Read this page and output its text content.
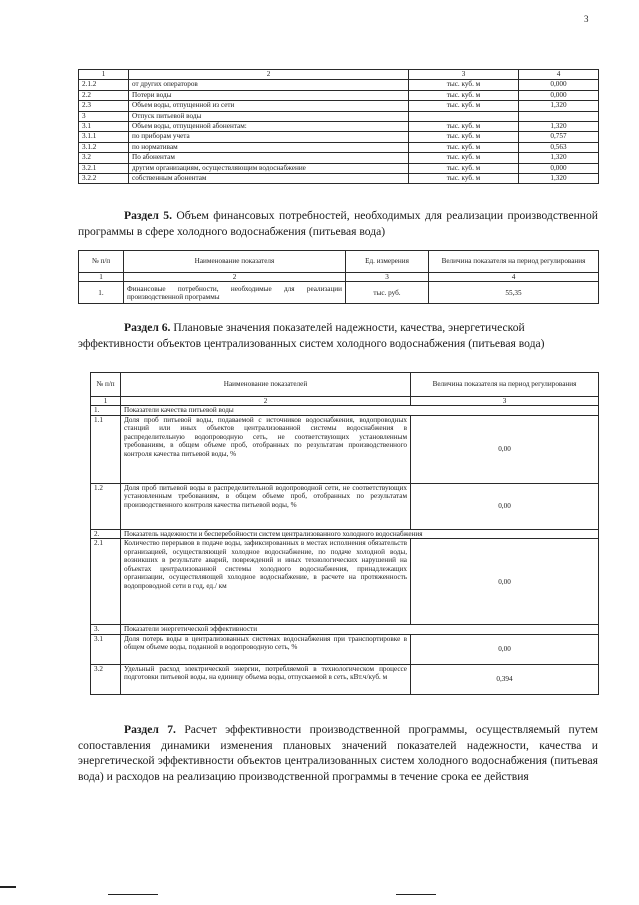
3
1	2	3	4
2.1.2	от других операторов	тыс. куб. м	0,000
2.2	Потери воды	тыс. куб. м	0,000
2.3	Объем воды, отпущенной из сети	тыс. куб. м	1,320
3	Отпуск питьевой воды		
3.1	Объем воды, отпущенной абонентам:	тыс. куб. м	1,320
3.1.1	по приборам учета	тыс. куб. м	0,757
3.1.2	по нормативам	тыс. куб. м	0,563
3.2	По абонентам	тыс. куб. м	1,320
3.2.1	другим организациям, осуществляющим водоснабжение	тыс. куб. м	0,000
3.2.2	собственным абонентам	тыс. куб. м	1,320
Раздел 5. Объем финансовых потребностей, необходимых для реализации производственной программы в сфере холодного водоснабжения (питьевая вода)
№ п/п	Наименование показателя	Ед. измерения	Величина показателя на период регулирования
1	2	3	4
1.	Финансовые потребности, необходимые для реализации производственной программы	тыс. руб.	55,35
Раздел 6. Плановые значения показателей надежности, качества, энергетической эффективности объектов централизованных систем холодного водоснабжения (питьевая вода)
№ п/п	Наименование показателей	Величина показателя на период регулирования
1	2	3
1.	Показатели качества питьевой воды	
1.1	Доля проб питьевой воды, подаваемой с источников водоснабжения, водопроводных станций или иных объектов централизованной системы водоснабжения в распределительную водопроводную сеть, не соответствующих установленным требованиям, в общем объеме проб, отобранных по результатам производственного контроля качества питьевой воды, %	0,00
1.2	Доля проб питьевой воды в распределительной водопроводной сети, не соответствующих установленным требованиям, в общем объеме проб, отобранных по результатам производственного контроля качества питьевой воды, %	0,00
2.	Показатель надежности и бесперебойности систем централизованного холодного водоснабжения	
2.1	Количество перерывов в подаче воды, зафиксированных в местах исполнения обязательств организацией, осуществляющей холодное водоснабжение, по подаче холодной воды, возникших в результате аварий, повреждений и иных технологических нарушений на объектах централизованной системы холодного водоснабжения, принадлежащих организации, осуществляющей холодное водоснабжение, в расчете на протяженность водопроводной сети в год, ед./ км	0,00
3.	Показатели энергетической эффективности	
3.1	Доля потерь воды в централизованных системах водоснабжения при транспортировке в общем объеме воды, поданной в водопроводную сеть, %	0,00
3.2	Удельный расход электрической энергии, потребляемой в технологическом процессе подготовки питьевой воды, на единицу объема воды, отпускаемой в сеть, кВт.ч/куб. м	0,394
Раздел 7. Расчет эффективности производственной программы, осуществляемый путем сопоставления динамики изменения плановых значений показателей надежности, качества и энергетической эффективности объектов централизованных систем холодного водоснабжения (питьевая вода) и расходов на реализацию производственной программы в течение срока ее действия
